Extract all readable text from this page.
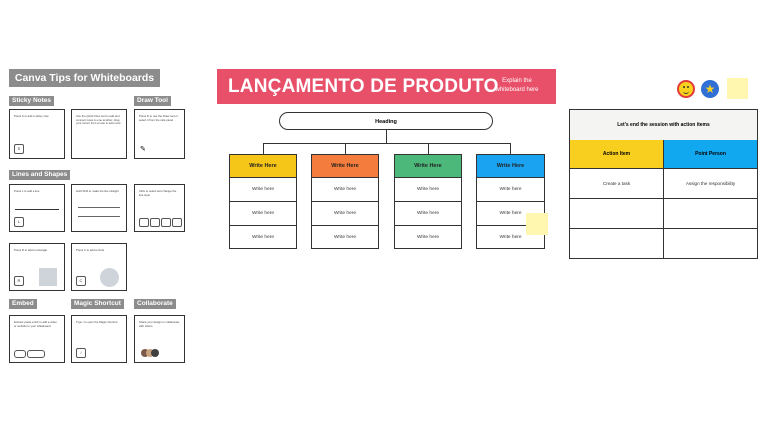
Canva Tips for Whiteboards
Sticky Notes
Press S to add a sticky note
S
Use the Quick Flow tool to add and connect notes to one another; drag your cursor from a note to add more
Draw Tool
Press D to use the Draw tool or select it from the side panel
✎
Lines and Shapes
Press L to add a line
L
Hold Shift to make the line straight	Click to select and change the line style
Press R to add a rectangle
R
Press C to add a circle
C
Embed	Magic Shortcut	Collaborate
Embed: paste a link to add a video or website to your whiteboard
Type / to open the Magic shortcut
/
Share your design to collaborate with others
LANÇAMENTO DE PRODUTO Explain the whiteboard here
Heading
Write Here
Write here
Write here
Write here
Write Here
Write here
Write here
Write here
Write Here
Write here
Write here
Write here
Write Here
Write here
Write here
Write here
★
Let's end the session with action items
Action Item	Point Person
Create a task	Assign the responsibility
